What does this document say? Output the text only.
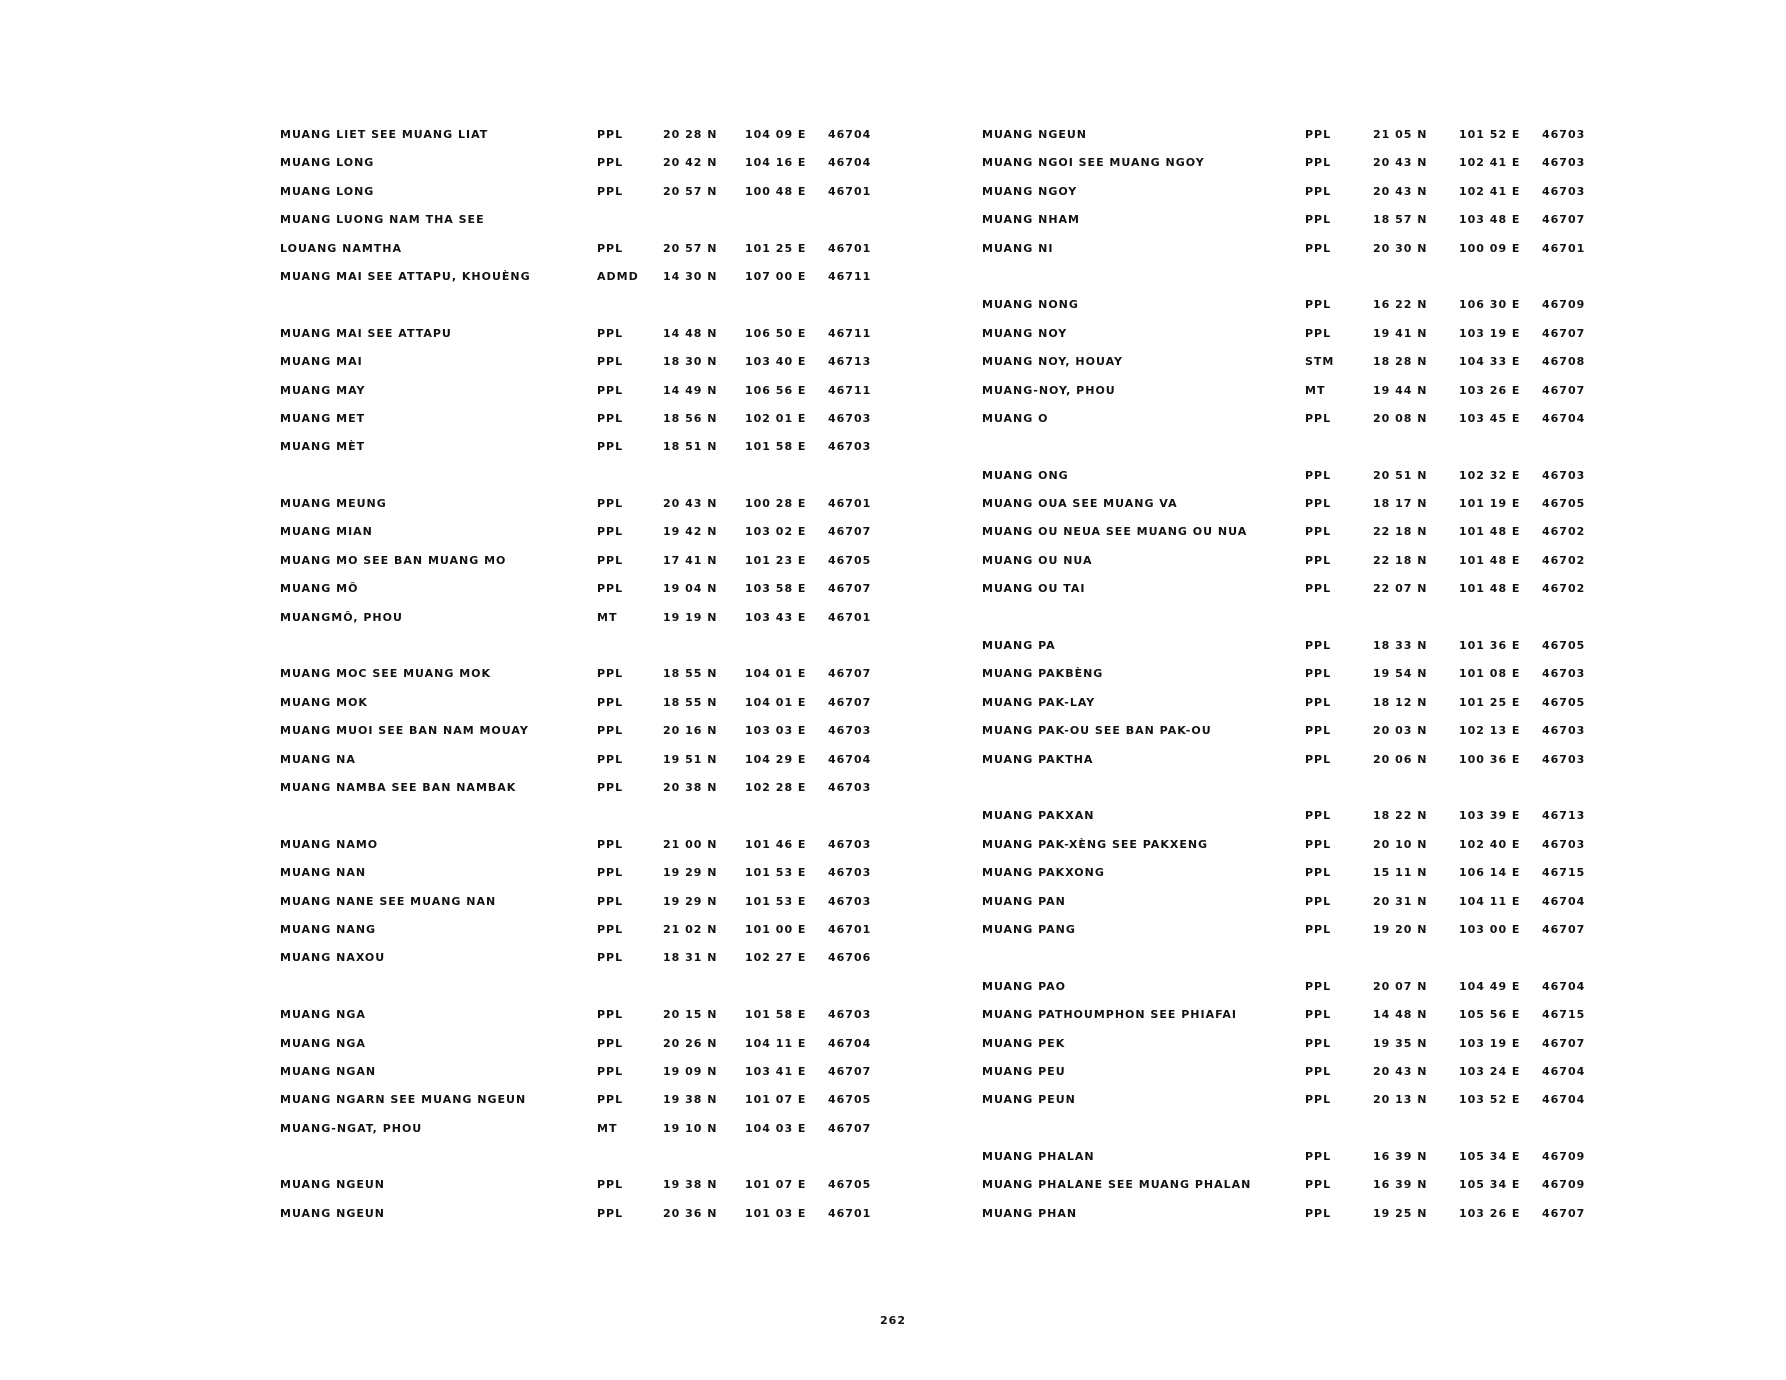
MUANG LIET SEE MUANG LIAT	PPL	20 28 N	104 09 E 46704
MUANG LONG	PPL	20 42 N	104 16 E 46704
MUANG LONG	PPL	20 57 N	100 48 E 46701
MUANG LUONG NAM THA SEE
LOUANG NAMTHA	PPL	20 57 N	101 25 E 46701
MUANG MAI SEE ATTAPU, KHOUÈNG	ADMD 14 30 N	107 00 E 46711
MUANG MAI SEE ATTAPU	PPL	14 48 N	106 50 E 46711
MUANG MAI	PPL	18 30 N	103 40 E 46713
MUANG MAY	PPL	14 49 N	106 56 E 46711
MUANG MET	PPL	18 56 N	102 01 E 46703
MUANG MÈT	PPL	18 51 N	101 58 E 46703
MUANG MEUNG	PPL	20 43 N	100 28 E 46701
MUANG MIAN	PPL	19 42 N	103 02 E 46707
MUANG MO SEE BAN MUANG MO	PPL	17 41 N	101 23 E 46705
MUANG MÔ	PPL	19 04 N	103 58 E 46707
MUANGMÔ, PHOU	MT	19 19 N	103 43 E 46701
MUANG MOC SEE MUANG MOK	PPL	18 55 N	104 01 E 46707
MUANG MOK	PPL	18 55 N	104 01 E 46707
MUANG MUOI SEE BAN NAM MOUAY	PPL	20 16 N	103 03 E 46703
MUANG NA	PPL	19 51 N	104 29 E 46704
MUANG NAMBA SEE BAN NAMBAK	PPL	20 38 N	102 28 E 46703
MUANG NAMO	PPL	21 00 N	101 46 E 46703
MUANG NAN	PPL	19 29 N	101 53 E 46703
MUANG NANE SEE MUANG NAN	PPL	19 29 N	101 53 E 46703
MUANG NANG	PPL	21 02 N	101 00 E 46701
MUANG NAXOU	PPL	18 31 N	102 27 E 46706
MUANG NGA	PPL	20 15 N	101 58 E 46703
MUANG NGA	PPL	20 26 N	104 11 E 46704
MUANG NGAN	PPL	19 09 N	103 41 E 46707
MUANG NGARN SEE MUANG NGEUN	PPL	19 38 N	101 07 E 46705
MUANG-NGAT, PHOU	MT	19 10 N	104 03 E 46707
MUANG NGEUN	PPL	19 38 N	101 07 E 46705
MUANG NGEUN	PPL	20 36 N	101 03 E 46701
MUANG NGEUN	PPL	21 05 N	101 52 E 46703
MUANG NGOI SEE MUANG NGOY	PPL	20 43 N	102 41 E 46703
MUANG NGOY	PPL	20 43 N	102 41 E 46703
MUANG NHAM	PPL	18 57 N	103 48 E 46707
MUANG NI	PPL	20 30 N	100 09 E 46701
MUANG NONG	PPL	16 22 N	106 30 E 46709
MUANG NOY	PPL	19 41 N	103 19 E 46707
MUANG NOY, HOUAY	STM	18 28 N	104 33 E 46708
MUANG-NOY, PHOU	MT	19 44 N	103 26 E 46707
MUANG O	PPL	20 08 N	103 45 E 46704
MUANG ONG	PPL	20 51 N	102 32 E 46703
MUANG OUA SEE MUANG VA	PPL	18 17 N	101 19 E 46705
MUANG OU NEUA SEE MUANG OU NUA	PPL	22 18 N	101 48 E 46702
MUANG OU NUA	PPL	22 18 N	101 48 E 46702
MUANG OU TAI	PPL	22 07 N	101 48 E 46702
MUANG PA	PPL	18 33 N	101 36 E 46705
MUANG PAKBÈNG	PPL	19 54 N	101 08 E 46703
MUANG PAK-LAY	PPL	18 12 N	101 25 E 46705
MUANG PAK-OU SEE BAN PAK-OU	PPL	20 03 N	102 13 E 46703
MUANG PAKTHA	PPL	20 06 N	100 36 E 46703
MUANG PAKXAN	PPL	18 22 N	103 39 E 46713
MUANG PAK-XÈNG SEE PAKXENG	PPL	20 10 N	102 40 E 46703
MUANG PAKXONG	PPL	15 11 N	106 14 E 46715
MUANG PAN	PPL	20 31 N	104 11 E 46704
MUANG PANG	PPL	19 20 N	103 00 E 46707
MUANG PAO	PPL	20 07 N	104 49 E 46704
MUANG PATHOUMPHON SEE PHIAFAI	PPL	14 48 N	105 56 E 46715
MUANG PEK	PPL	19 35 N	103 19 E 46707
MUANG PEU	PPL	20 43 N	103 24 E 46704
MUANG PEUN	PPL	20 13 N	103 52 E 46704
MUANG PHALAN	PPL	16 39 N	105 34 E 46709
MUANG PHALANE SEE MUANG PHALAN	PPL	16 39 N	105 34 E 46709
MUANG PHAN	PPL	19 25 N	103 26 E 46707
262
